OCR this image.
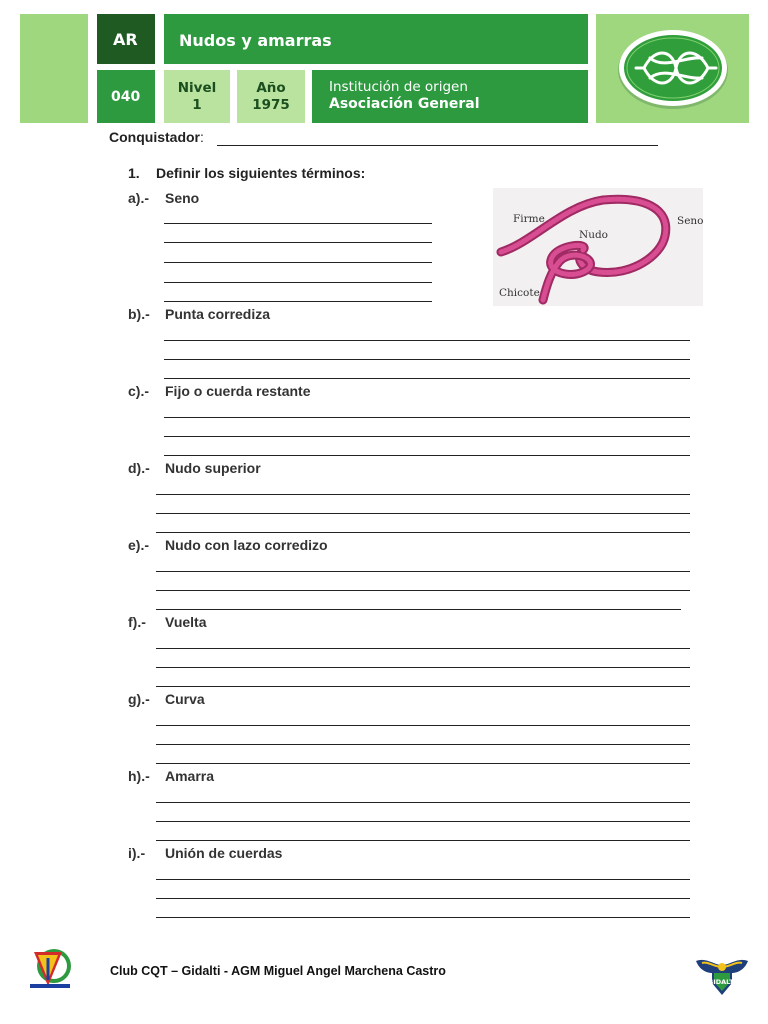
AR	Nudos y amarras
040
Nivel
1
Año
1975
Institución de origen
Asociación General
Conquistador:
1. Definir los siguientes términos:
a).- Seno
Firme	Seno
Nudo
Chicote
b).- Punta corrediza
c).- Fijo o cuerda restante
d).- Nudo superior
e).- Nudo con lazo corredizo
f).- Vuelta
g).- Curva
h).- Amarra
i).- Unión de cuerdas
Club CQT – Gidalti - AGM Miguel Angel Marchena Castro
GIDALTI
